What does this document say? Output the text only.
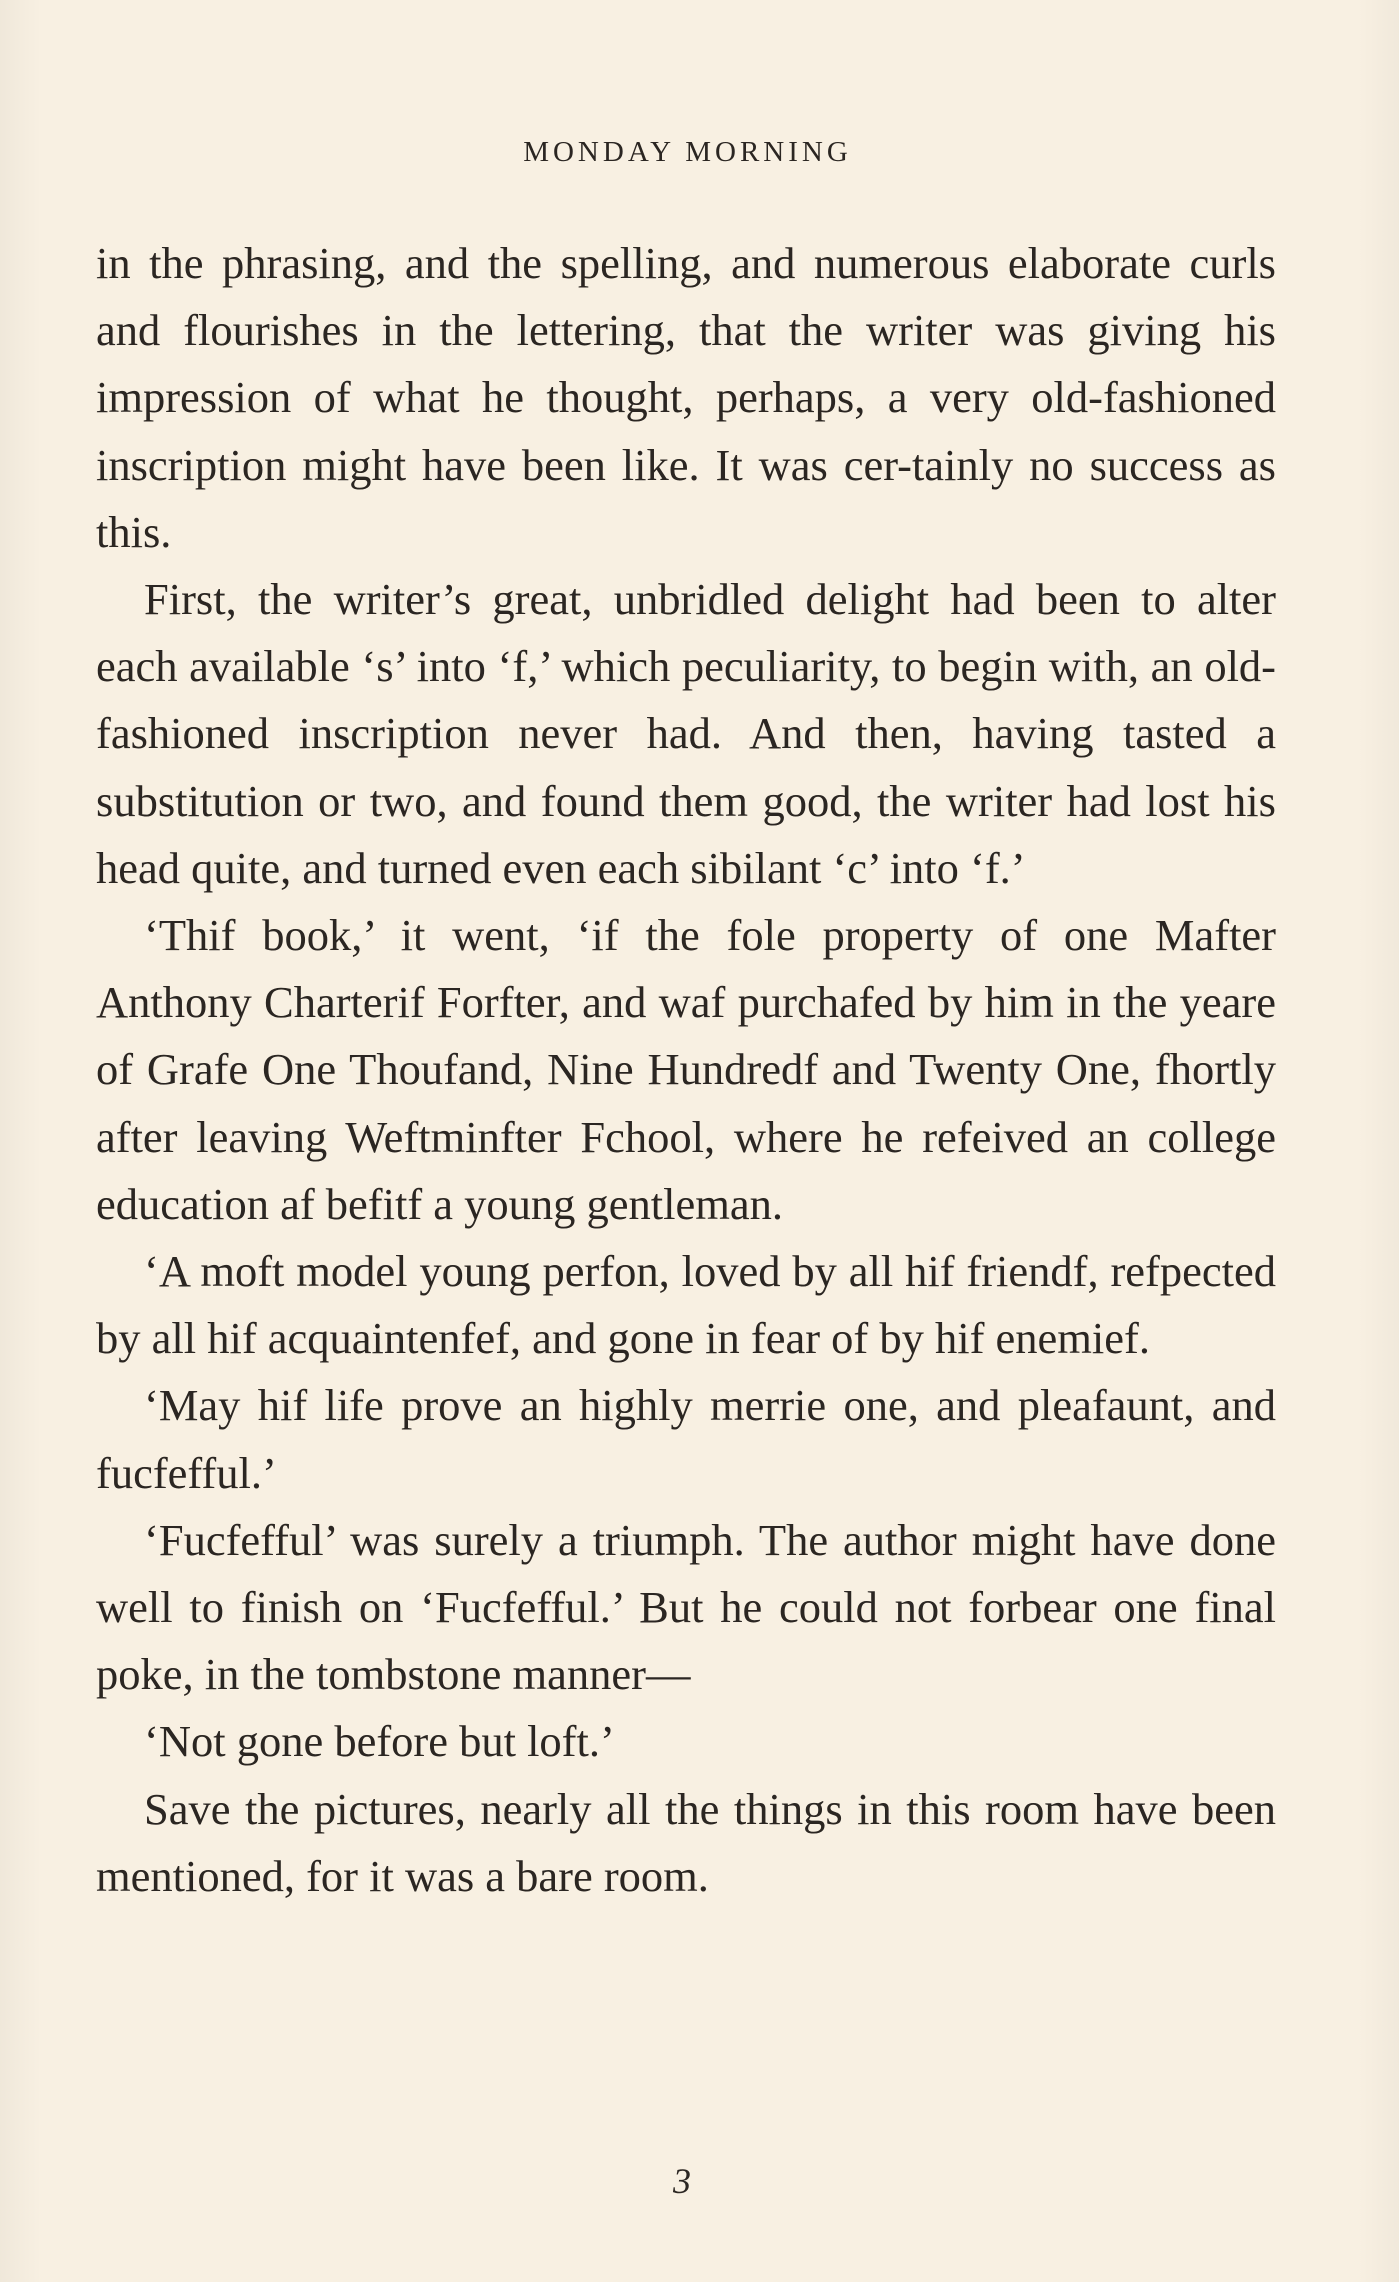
MONDAY MORNING

in the phrasing, and the spelling, and numerous elaborate curls and flourishes in the lettering, that the writer was giving his impression of what he thought, perhaps, a very old-fashioned inscription might have been like. It was cer-tainly no success as this.

First, the writer’s great, unbridled delight had been to alter each available ‘s’ into ‘f,’ which peculiarity, to begin with, an old-fashioned inscription never had. And then, having tasted a substitution or two, and found them good, the writer had lost his head quite, and turned even each sibilant ‘c’ into ‘f.’

‘Thif book,’ it went, ‘if the fole property of one Mafter Anthony Charterif Forfter, and waf purchafed by him in the yeare of Grafe One Thoufand, Nine Hundredf and Twenty One, fhortly after leaving Weftminfter Fchool, where he refeived an college education af befitf a young gentleman.

‘A moft model young perfon, loved by all hif friendf, refpected by all hif acquaintenfef, and gone in fear of by hif enemief.

‘May hif life prove an highly merrie one, and pleafaunt, and fucfefful.’

‘Fucfefful’ was surely a triumph. The author might have done well to finish on ‘Fucfefful.’ But he could not forbear one final poke, in the tombstone manner—

‘Not gone before but loft.’

Save the pictures, nearly all the things in this room have been mentioned, for it was a bare room.

3
